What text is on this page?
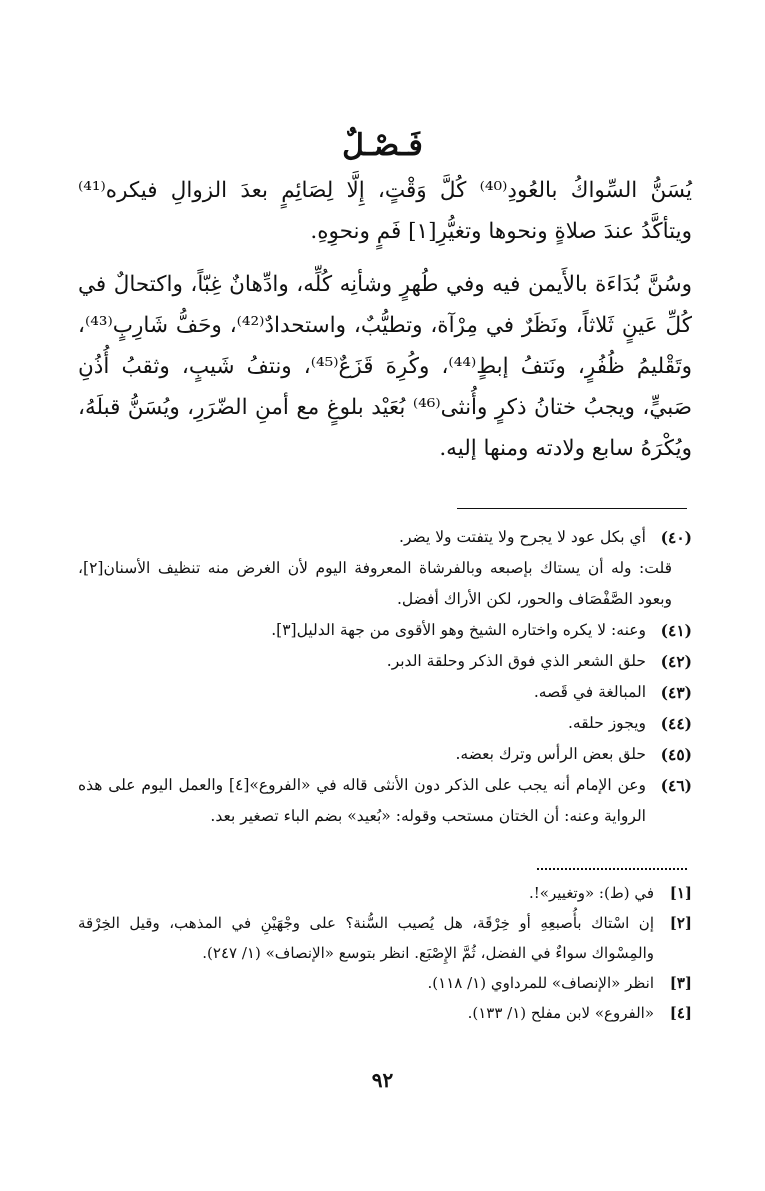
فَـصْـلٌ

يُسَنُّ السِّواكُ بالعُودِ⁽⁴⁰⁾ كُلَّ وَقْتٍ، إِلَّا لِصَائِمٍ بعدَ الزوالِ فيكره⁽⁴¹⁾ ويتأكَّدُ عندَ صلاةٍ ونحوها وتغيُّرِ[١] فَمٍ ونحوِهِ.

وسُنَّ بُدَاءَة بالأَيمن فيه وفي طُهرٍ وشأنِه كُلِّه، وادِّهانٌ غِبّاً، واكتحالٌ في كُلِّ عَينٍ ثَلاثاً، ونَظَرٌ في مِرْآة، وتطيُّبٌ، واستحدادٌ⁽⁴²⁾، وحَفُّ شَارِبٍ⁽⁴³⁾، وتَقْليمُ ظُفُرٍ، ونَتفُ إبطٍ⁽⁴⁴⁾، وكُرِهَ قَزَعٌ⁽⁴⁵⁾، ونتفُ شَيبٍ، وثقبُ أُذُنِ صَبيٍّ، ويجبُ ختانُ ذكرٍ وأُنثى⁽⁴⁶⁾ بُعَيْد بلوغٍ مع أمنِ الضّرَرِ، ويُسَنُّ قبلَهُ، ويُكْرَهُ سابع ولادته ومنها إليه.

(٤٠)
أي بكل عود لا يجرح ولا يتفتت ولا يضر.
قلت: وله أن يستاك بإصبعه وبالفرشاة المعروفة اليوم لأن الغرض منه تنظيف الأسنان[٢]، وبعود الصَّفْصَاف والحور، لكن الأراك أفضل.
(٤١)
وعنه: لا يكره واختاره الشيخ وهو الأقوى من جهة الدليل[٣].
(٤٢)
حلق الشعر الذي فوق الذكر وحلقة الدبر.
(٤٣)
المبالغة في قَصه.
(٤٤)
ويجوز حلقه.
(٤٥)
حلق بعض الرأس وترك بعضه.
(٤٦)
وعن الإمام أنه يجب على الذكر دون الأنثى قاله في «الفروع»[٤] والعمل اليوم على هذه الرواية وعنه: أن الختان مستحب وقوله: «بُعيد» بضم الباء تصغير بعد.
[١]
في (ط): «وتغيير»!.
[٢]
إن اسْتاك بأُصبعِهِ أو خِرْقَة، هل يُصيب السُّنة؟ على وجْهَيْنِ في المذهب، وقيل الخِرْقة والمِسْواك سواءٌ في الفضل، ثُمَّ الإِصْبَع. انظر بتوسع «الإنصاف» (١/ ٢٤٧).
[٣]
انظر «الإنصاف» للمرداوي (١/ ١١٨).
[٤]
«الفروع» لابن مفلح (١/ ١٣٣).
٩٢
